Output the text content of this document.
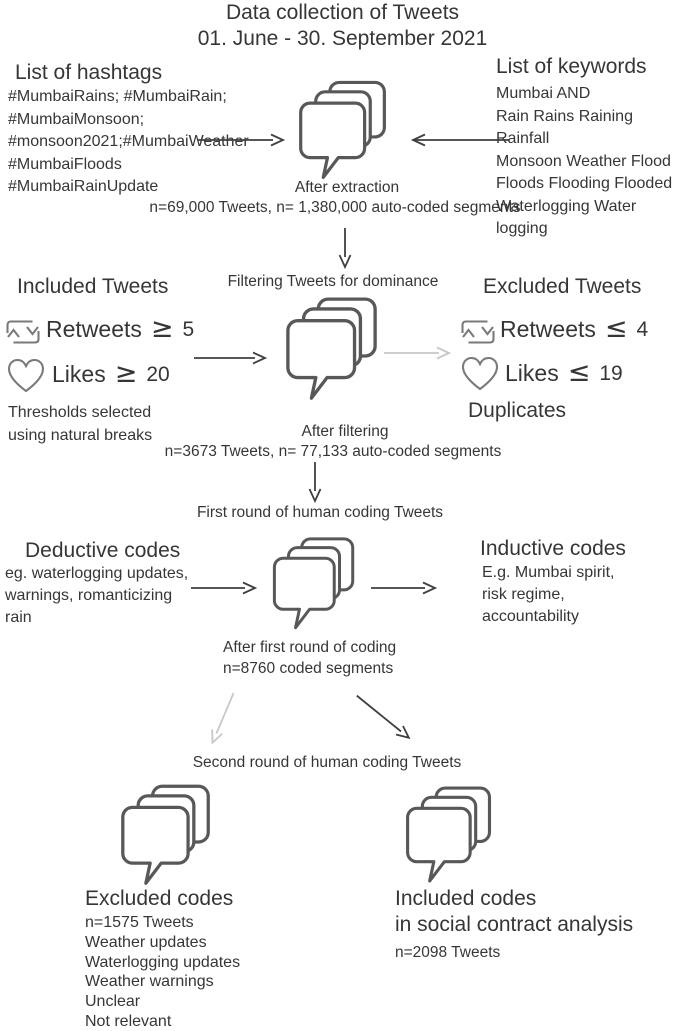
Data collection of Tweets
01. June - 30. September 2021
List of hashtags
#MumbaiRains; #MumbaiRain;
#MumbaiMonsoon;
#monsoon2021;#MumbaiWeather
#MumbaiFloods
#MumbaiRainUpdate
List of keywords
Mumbai AND
Rain Rains Raining Rainfall
Monsoon Weather Flood
Floods Flooding Flooded
Waterlogging Water logging
After extraction
n=69,000 Tweets, n= 1,380,000 auto-coded segments
Filtering Tweets for dominance
Included Tweets
Retweets ≥ 5
Likes ≥ 20
Thresholds selected
using natural breaks	After filtering
n=3673 Tweets, n= 77,133 auto-coded segments
Excluded Tweets
Retweets ≤ 4
Likes ≤ 19
Duplicates
First round of human coding Tweets
Deductive codes
eg. waterlogging updates,
warnings, romanticizing
rain
Inductive codes
E.g. Mumbai spirit,
risk regime,
accountability
After first round of coding
n=8760 coded segments
Second round of human coding Tweets
Excluded codes
n=1575 Tweets
Weather updates
Waterlogging updates
Weather warnings
Unclear
Not relevant
Included codes
in social contract analysis
n=2098 Tweets
